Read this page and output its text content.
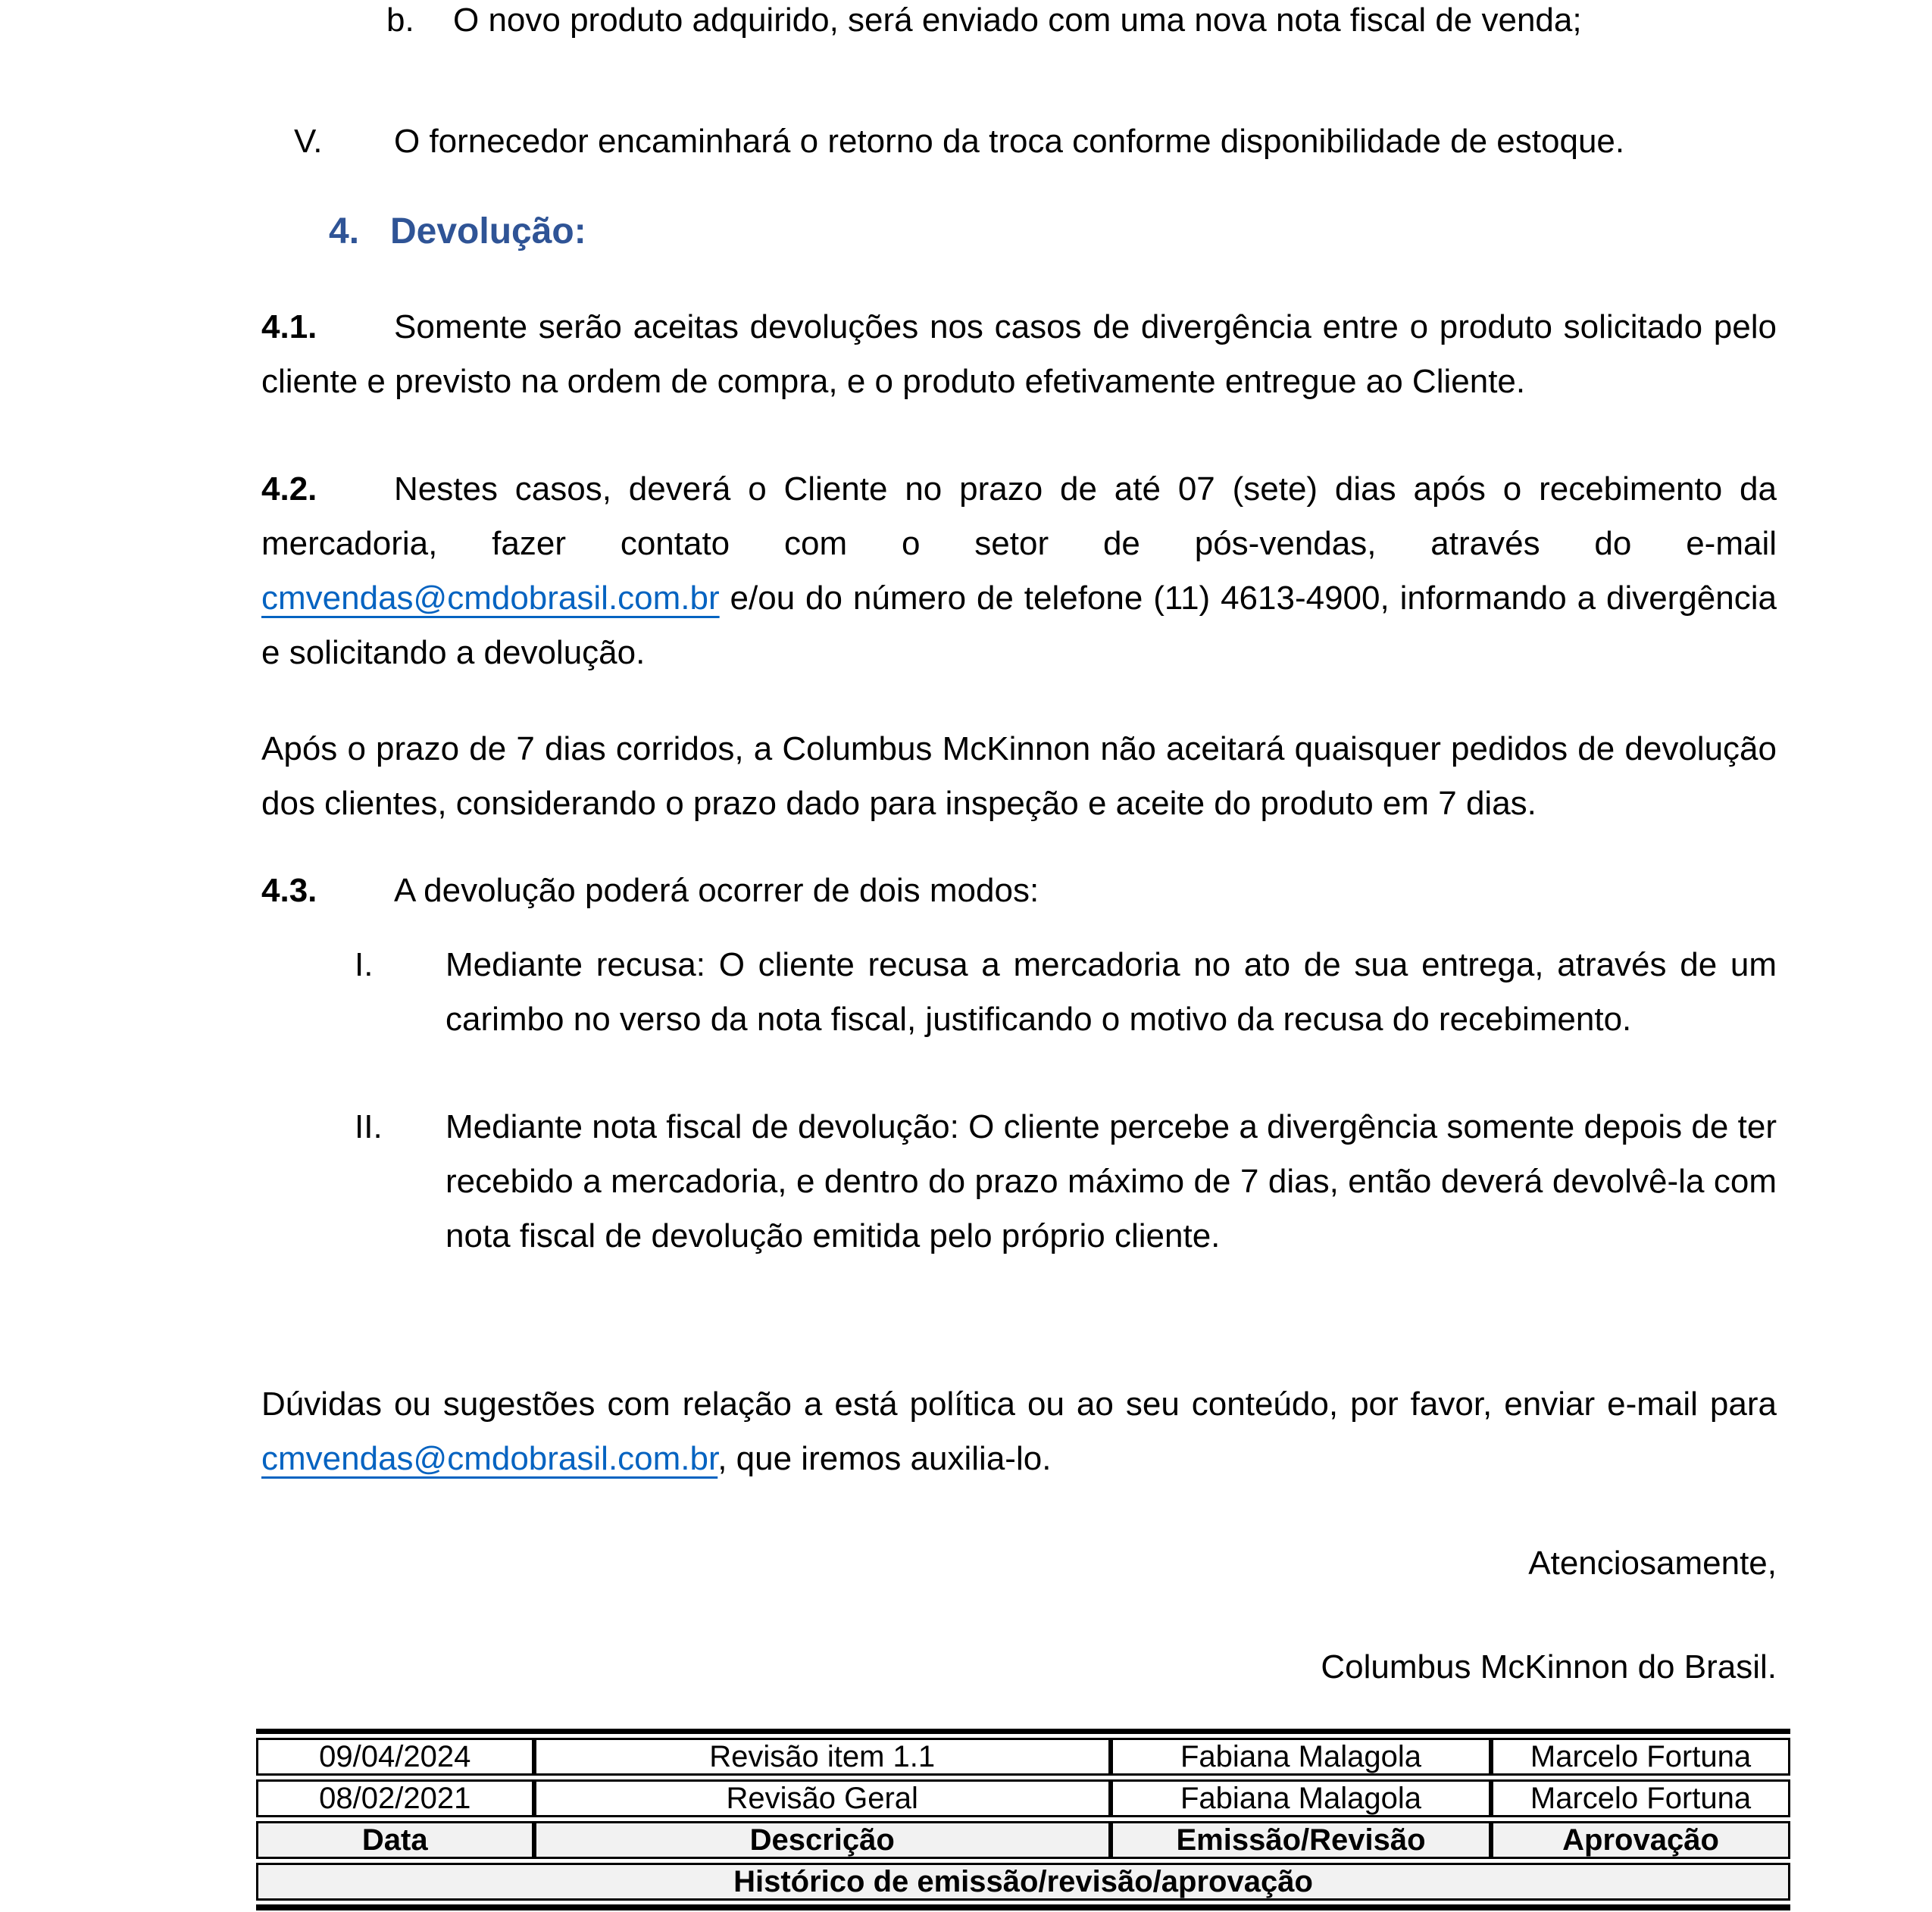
b.	O novo produto adquirido, será enviado com uma nova nota fiscal de venda;
V.	O fornecedor encaminhará o retorno da troca conforme disponibilidade de estoque.
4. Devolução:

4.1. Somente serão aceitas devoluções nos casos de divergência entre o produto solicitado pelo cliente e previsto na ordem de compra, e o produto efetivamente entregue ao Cliente.

4.2. Nestes casos, deverá o Cliente no prazo de até 07 (sete) dias após o recebimento da mercadoria, fazer contato com o setor de pós-vendas, através do e-mail cmvendas@cmdobrasil.com.br e/ou do número de telefone (11) 4613-4900, informando a divergência e solicitando a devolução.

Após o prazo de 7 dias corridos, a Columbus McKinnon não aceitará quaisquer pedidos de devolução dos clientes, considerando o prazo dado para inspeção e aceite do produto em 7 dias.

4.3. A devolução poderá ocorrer de dois modos:

I.	Mediante recusa: O cliente recusa a mercadoria no ato de sua entrega, através de um carimbo no verso da nota fiscal, justificando o motivo da recusa do recebimento.
II.	Mediante nota fiscal de devolução: O cliente percebe a divergência somente depois de ter recebido a mercadoria, e dentro do prazo máximo de 7 dias, então deverá devolvê-la com nota fiscal de devolução emitida pelo próprio cliente.

Dúvidas ou sugestões com relação a está política ou ao seu conteúdo, por favor, enviar e-mail para cmvendas@cmdobrasil.com.br, que iremos auxilia-lo.

Atenciosamente,
Columbus McKinnon do Brasil.
09/04/2024	Revisão item 1.1	Fabiana Malagola	Marcelo Fortuna
08/02/2021	Revisão Geral	Fabiana Malagola	Marcelo Fortuna
Data	Descrição	Emissão/Revisão	Aprovação
Histórico de emissão/revisão/aprovação			
